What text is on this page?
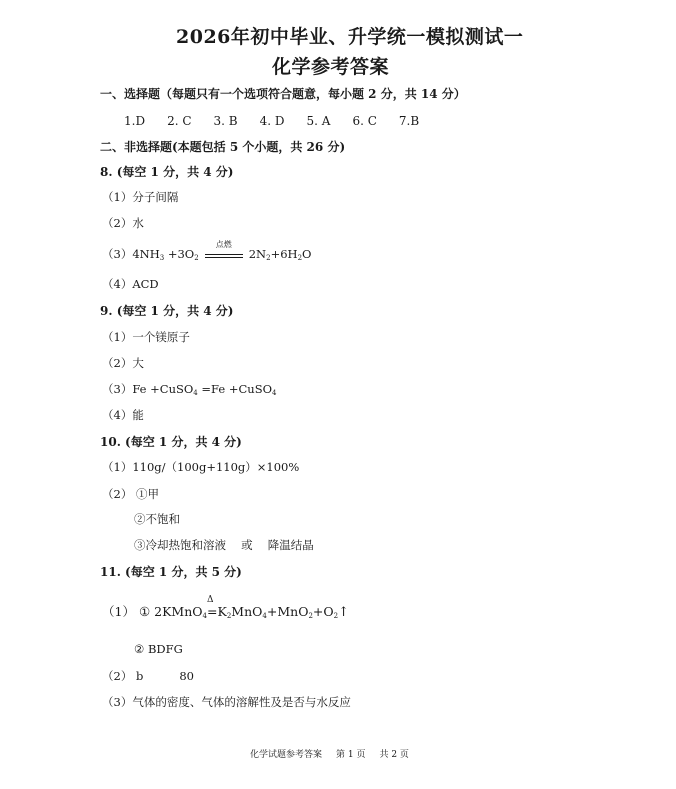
2026年初中毕业、升学统一模拟测试一
化学参考答案
一、选择题（每题只有一个选项符合题意，每小题 2 分，共 14 分）
1.D 2. C 3. B 4. D 5. A 6. C 7.B
二、非选择题(本题包括 5 个小题，共 26 分)
8. (每空 1 分，共 4 分)
（1）分子间隔
（2）水
$(3)4NH_3 +3O_2$
点燃
$2N_2+6H_2O$
（4）ACD
9. (每空 1 分，共 4 分)
（1）一个镁原子
（2）大
（3）Fe +CuSO$_4$ =Fe +CuSO$_4$
（4）能
10. (每空 1 分，共 4 分)
（1）110g/（100g+110g）×100%
（2） ①甲
②不饱和
③冷却热饱和溶液　 或　 降温结晶
11. (每空 1 分，共 5 分)
（1） ① 2KMnO$_4$
Δ
$=K_2MnO_4+MnO_2+O_2↑$
② BDFG
（2） b	80
（3）气体的密度、气体的溶解性及是否与水反应
化学试题参考答案 第 1 页 共 2 页
